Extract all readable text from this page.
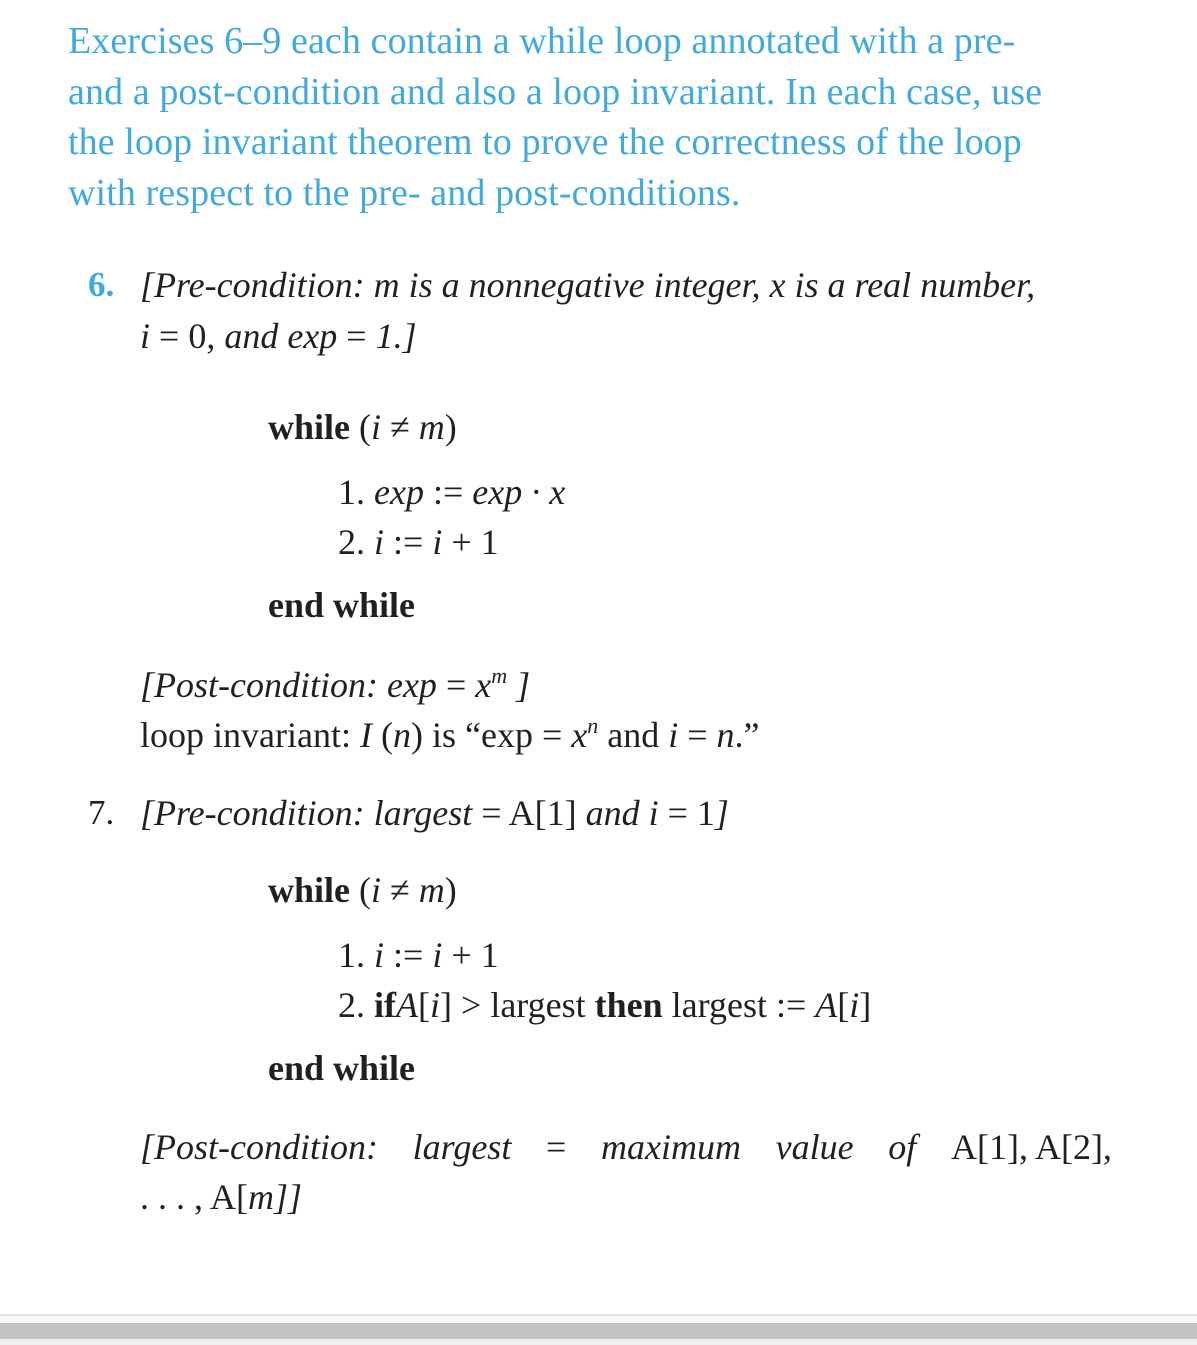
Exercises 6–9 each contain a while loop annotated with a pre-
and a post-condition and also a loop invariant. In each case, use
the loop invariant theorem to prove the correctness of the loop
with respect to the pre- and post-conditions.
6. [Pre-condition: m is a nonnegative integer, x is a real number,
i = 0, and exp = 1.]
while (i ≠ m)
1. exp := exp · x
2. i := i + 1
end while
[Post-condition: $\exp = x^m$ ]
loop invariant: I (n) is “$\exp = x^n$ and i = n.”
7. [Pre-condition: largest = A[1] and i = 1]
while (i ≠ m)
1. i := i + 1
2. ifA[i] > largest then largest := A[i]
end while
[Post-condition: largest = maximum value of A[1], A[2],
. . . , A[m]]
